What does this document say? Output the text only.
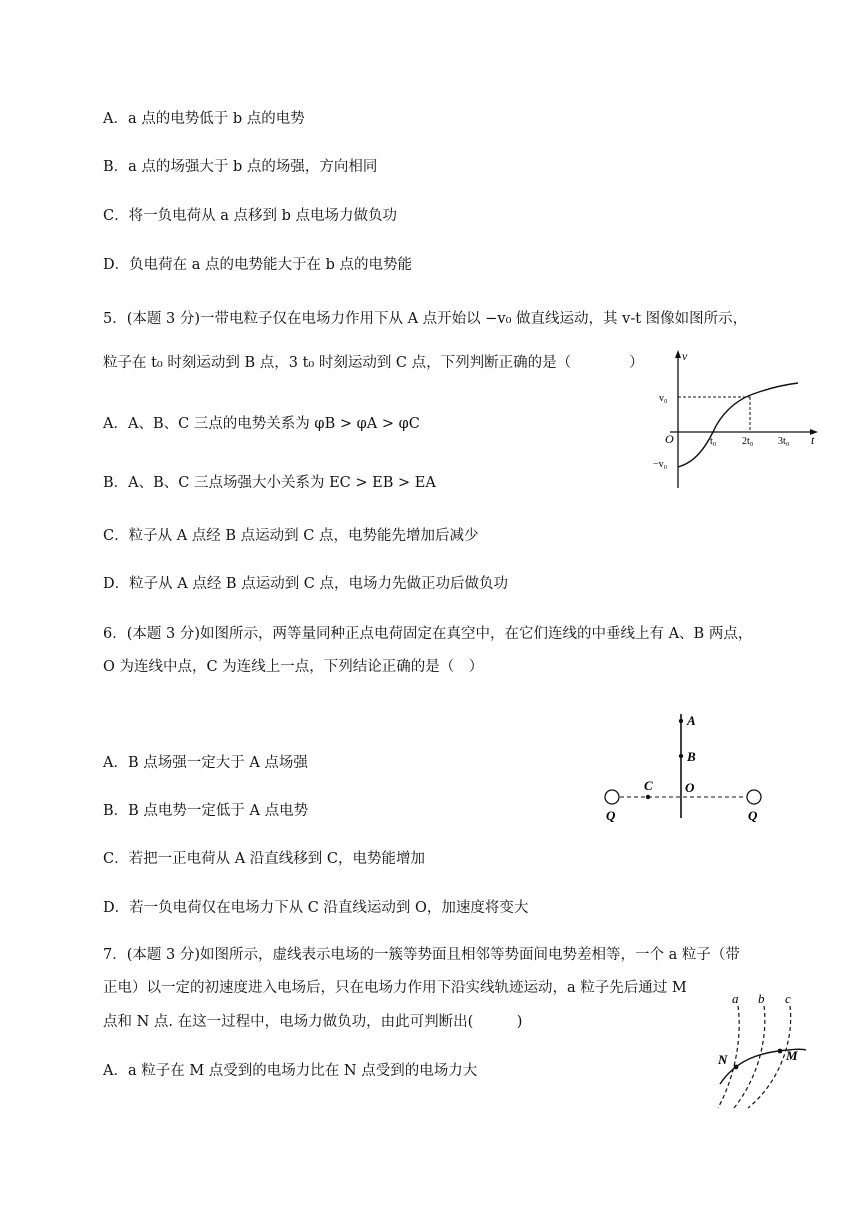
A．a 点的电势低于 b 点的电势
B．a 点的场强大于 b 点的场强，方向相同
C．将一负电荷从 a 点移到 b 点电场力做负功
D．负电荷在 a 点的电势能大于在 b 点的电势能
5．(本题 3 分)一带电粒子仅在电场力作用下从 A 点开始以 −v₀ 做直线运动，其 v-t 图像如图所示，
粒子在 t₀ 时刻运动到 B 点，3 t₀ 时刻运动到 C 点，下列判断正确的是（　　　　）
A．A、B、C 三点的电势关系为 φB > φA > φC
B．A、B、C 三点场强大小关系为 EC > EB > EA
C．粒子从 A 点经 B 点运动到 C 点，电势能先增加后减少
D．粒子从 A 点经 B 点运动到 C 点，电场力先做正功后做负功
v
t
O
v₀
−v₀
t₀	2t₀ 3t₀
6．(本题 3 分)如图所示，两等量同种正点电荷固定在真空中，在它们连线的中垂线上有 A、B 两点，
O 为连线中点，C 为连线上一点，下列结论正确的是（　）
A．B 点场强一定大于 A 点场强
B．B 点电势一定低于 A 点电势
C．若把一正电荷从 A 沿直线移到 C，电势能增加
D．若一负电荷仅在电场力下从 C 沿直线运动到 O，加速度将变大
A
B
C O
Q	Q
7．(本题 3 分)如图所示，虚线表示电场的一簇等势面且相邻等势面间电势差相等，一个 a 粒子（带
正电）以一定的初速度进入电场后，只在电场力作用下沿实线轨迹运动，a 粒子先后通过 M
点和 N 点. 在这一过程中，电场力做负功，由此可判断出(　　　)
A．a 粒子在 M 点受到的电场力比在 N 点受到的电场力大
a b c
N	M
